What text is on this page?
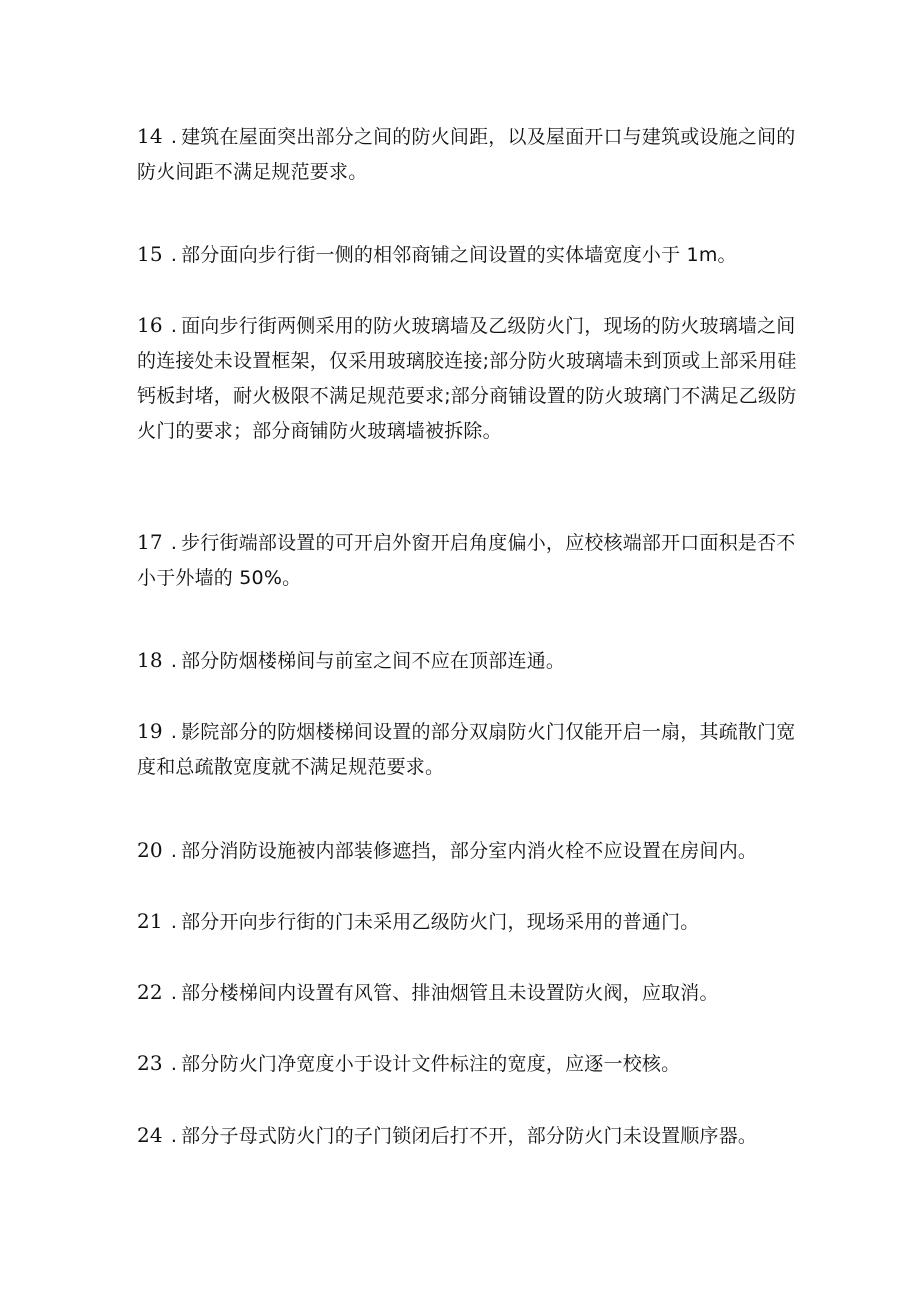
14 . 建筑在屋面突出部分之间的防火间距，以及屋面开口与建筑或设施之间的防火间距不满足规范要求。
15 . 部分面向步行街一侧的相邻商铺之间设置的实体墙宽度小于 1m。
16 . 面向步行街两侧采用的防火玻璃墙及乙级防火门，现场的防火玻璃墙之间的连接处未设置框架，仅采用玻璃胶连接;部分防火玻璃墙未到顶或上部采用硅钙板封堵，耐火极限不满足规范要求;部分商铺设置的防火玻璃门不满足乙级防火门的要求；部分商铺防火玻璃墙被拆除。
17 . 步行街端部设置的可开启外窗开启角度偏小，应校核端部开口面积是否不小于外墙的 50%。
18 . 部分防烟楼梯间与前室之间不应在顶部连通。
19 . 影院部分的防烟楼梯间设置的部分双扇防火门仅能开启一扇，其疏散门宽度和总疏散宽度就不满足规范要求。
20 . 部分消防设施被内部装修遮挡，部分室内消火栓不应设置在房间内。
21 . 部分开向步行街的门未采用乙级防火门，现场采用的普通门。
22 . 部分楼梯间内设置有风管、排油烟管且未设置防火阀，应取消。
23 . 部分防火门净宽度小于设计文件标注的宽度，应逐一校核。
24 . 部分子母式防火门的子门锁闭后打不开，部分防火门未设置顺序器。
